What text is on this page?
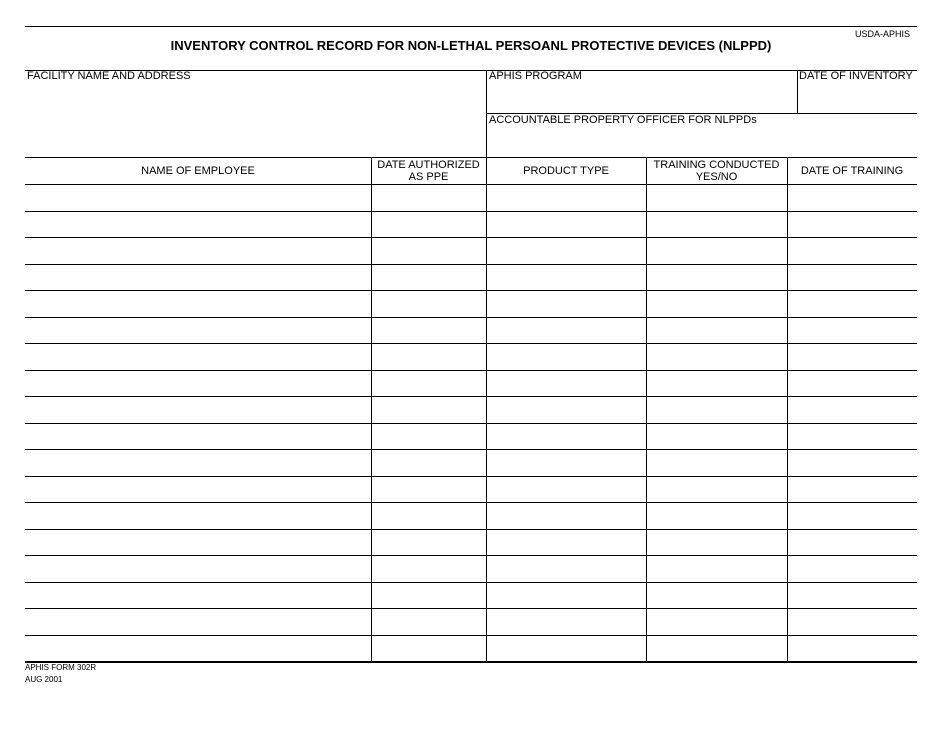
USDA-APHIS
INVENTORY CONTROL RECORD FOR NON-LETHAL PERSOANL PROTECTIVE DEVICES (NLPPD)
FACILITY NAME AND ADDRESS	APHIS PROGRAM	DATE OF INVENTORY
ACCOUNTABLE PROPERTY OFFICER FOR NLPPDs
NAME OF EMPLOYEE	DATE AUTHORIZED AS PPE	PRODUCT TYPE	TRAINING CONDUCTED YES/NO	DATE OF TRAINING
APHIS FORM 302R
AUG 2001
